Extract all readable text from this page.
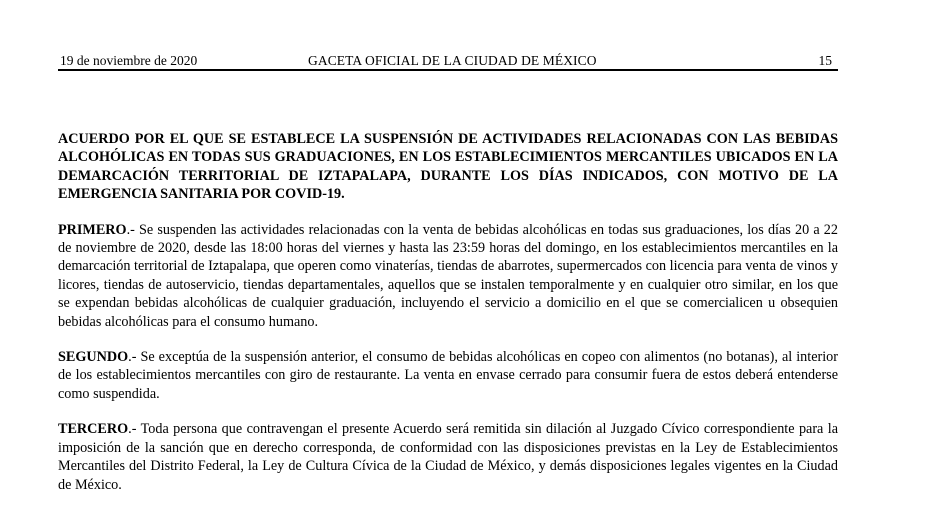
19 de noviembre de 2020	GACETA OFICIAL DE LA CIUDAD DE MÉXICO	15

ACUERDO POR EL QUE SE ESTABLECE LA SUSPENSIÓN DE ACTIVIDADES RELACIONADAS CON LAS BEBIDAS ALCOHÓLICAS EN TODAS SUS GRADUACIONES, EN LOS ESTABLECIMIENTOS MERCANTILES UBICADOS EN LA DEMARCACIÓN TERRITORIAL DE IZTAPALAPA, DURANTE LOS DÍAS INDICADOS, CON MOTIVO DE LA EMERGENCIA SANITARIA POR COVID-19.

PRIMERO.- Se suspenden las actividades relacionadas con la venta de bebidas alcohólicas en todas sus graduaciones, los días 20 a 22 de noviembre de 2020, desde las 18:00 horas del viernes y hasta las 23:59 horas del domingo, en los establecimientos mercantiles en la demarcación territorial de Iztapalapa, que operen como vinaterías, tiendas de abarrotes, supermercados con licencia para venta de vinos y licores, tiendas de autoservicio, tiendas departamentales, aquellos que se instalen temporalmente y en cualquier otro similar, en los que se expendan bebidas alcohólicas de cualquier graduación, incluyendo el servicio a domicilio en el que se comercialicen u obsequien bebidas alcohólicas para el consumo humano.

SEGUNDO.- Se exceptúa de la suspensión anterior, el consumo de bebidas alcohólicas en copeo con alimentos (no botanas), al interior de los establecimientos mercantiles con giro de restaurante. La venta en envase cerrado para consumir fuera de estos deberá entenderse como suspendida.

TERCERO.- Toda persona que contravengan el presente Acuerdo será remitida sin dilación al Juzgado Cívico correspondiente para la imposición de la sanción que en derecho corresponda, de conformidad con las disposiciones previstas en la Ley de Establecimientos Mercantiles del Distrito Federal, la Ley de Cultura Cívica de la Ciudad de México, y demás disposiciones legales vigentes en la Ciudad de México.
